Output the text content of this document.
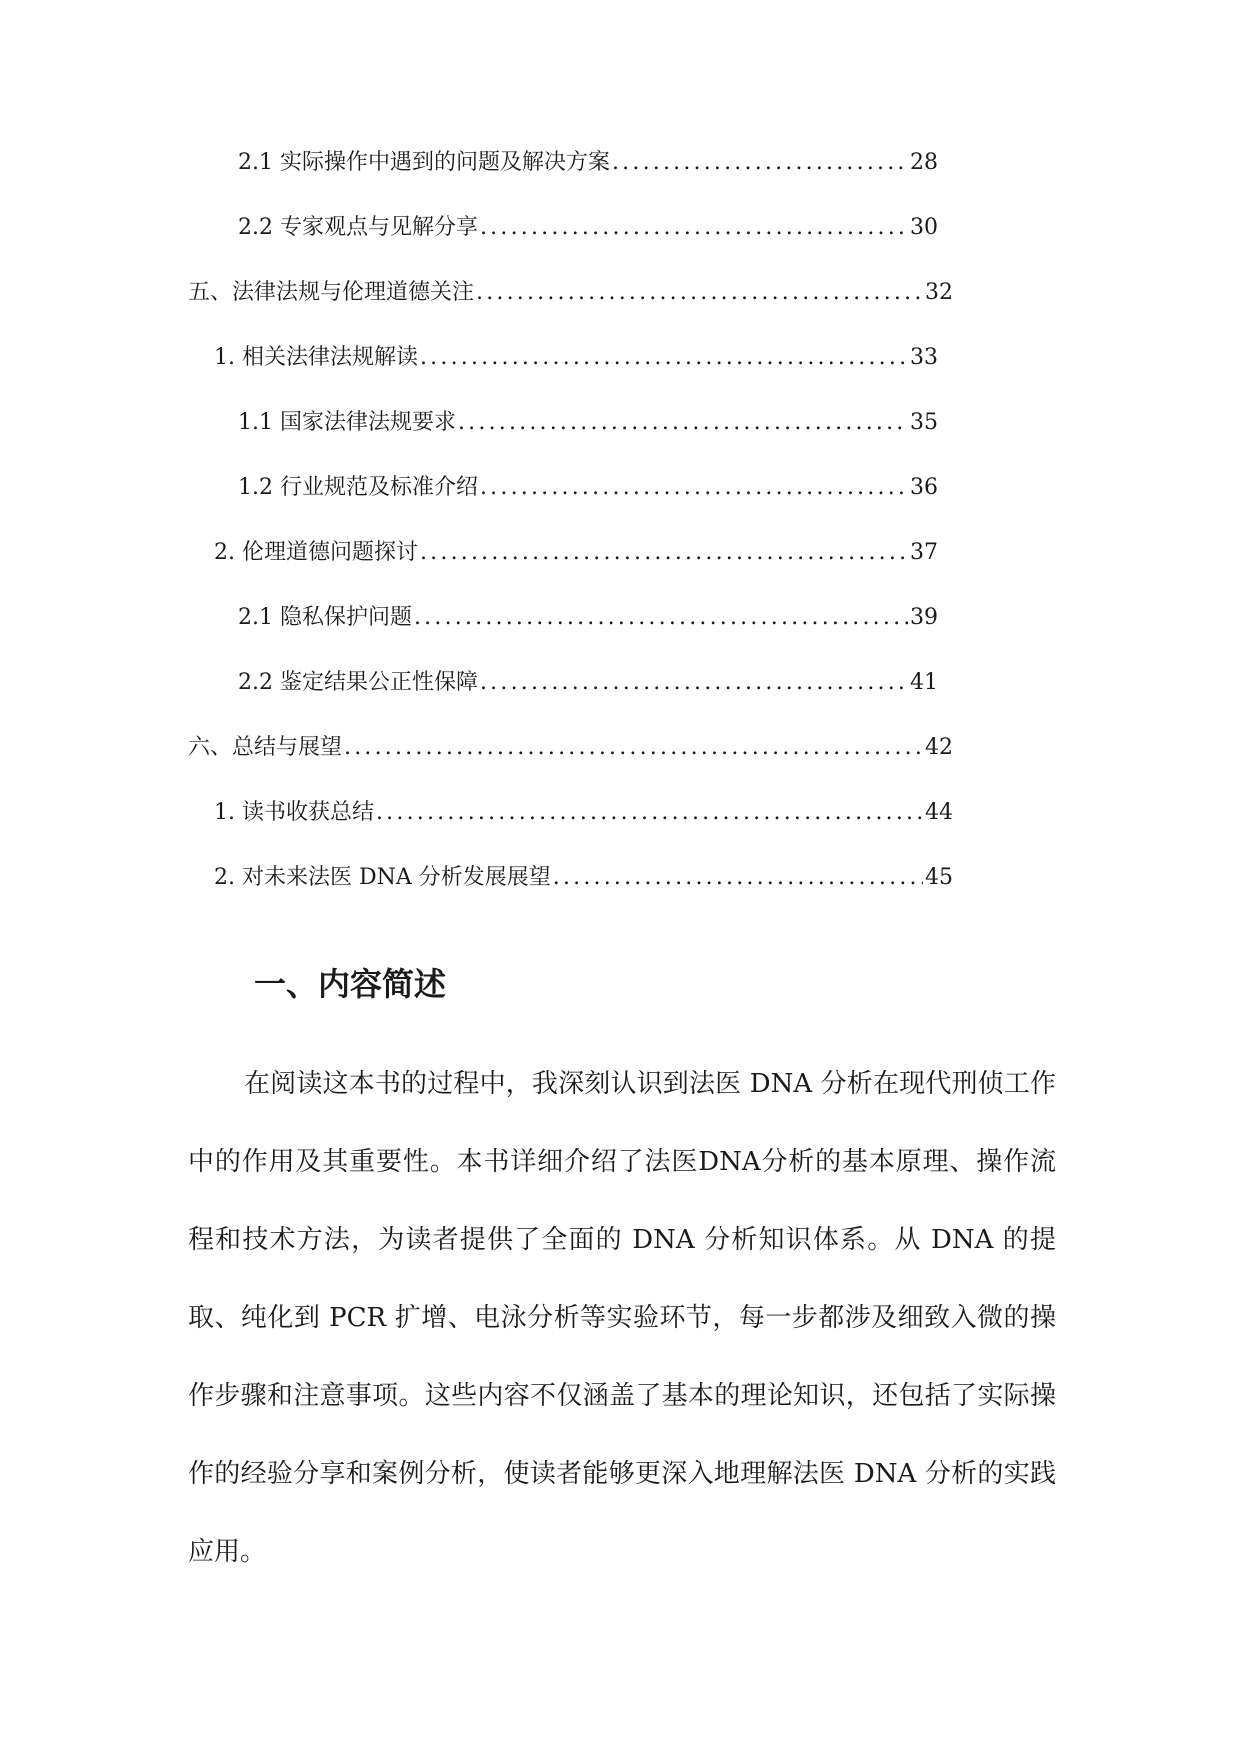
2.1 实际操作中遇到的问题及解决方案 .....	28
2.2 专家观点与见解分享 .....	30
五、法律法规与伦理道德关注 .....	32
1. 相关法律法规解读 .....	33
1.1 国家法律法规要求 .....	35
1.2 行业规范及标准介绍 .....	36
2. 伦理道德问题探讨 .....	37
2.1 隐私保护问题 .....	39
2.2 鉴定结果公正性保障 .....	41
六、总结与展望 .....	42
1. 读书收获总结 .....	44
2. 对未来法医 DNA 分析发展展望 .....	45
一、内容简述

在阅读这本书的过程中，我深刻认识到法医 DNA 分析在现代刑侦工作中的作用及其重要性。本书详细介绍了法医DNA分析的基本原理、操作流程和技术方法，为读者提供了全面的 DNA 分析知识体系。从 DNA 的提取、纯化到 PCR 扩增、电泳分析等实验环节，每一步都涉及细致入微的操作步骤和注意事项。这些内容不仅涵盖了基本的理论知识，还包括了实际操作的经验分享和案例分析，使读者能够更深入地理解法医 DNA 分析的实践应用。
